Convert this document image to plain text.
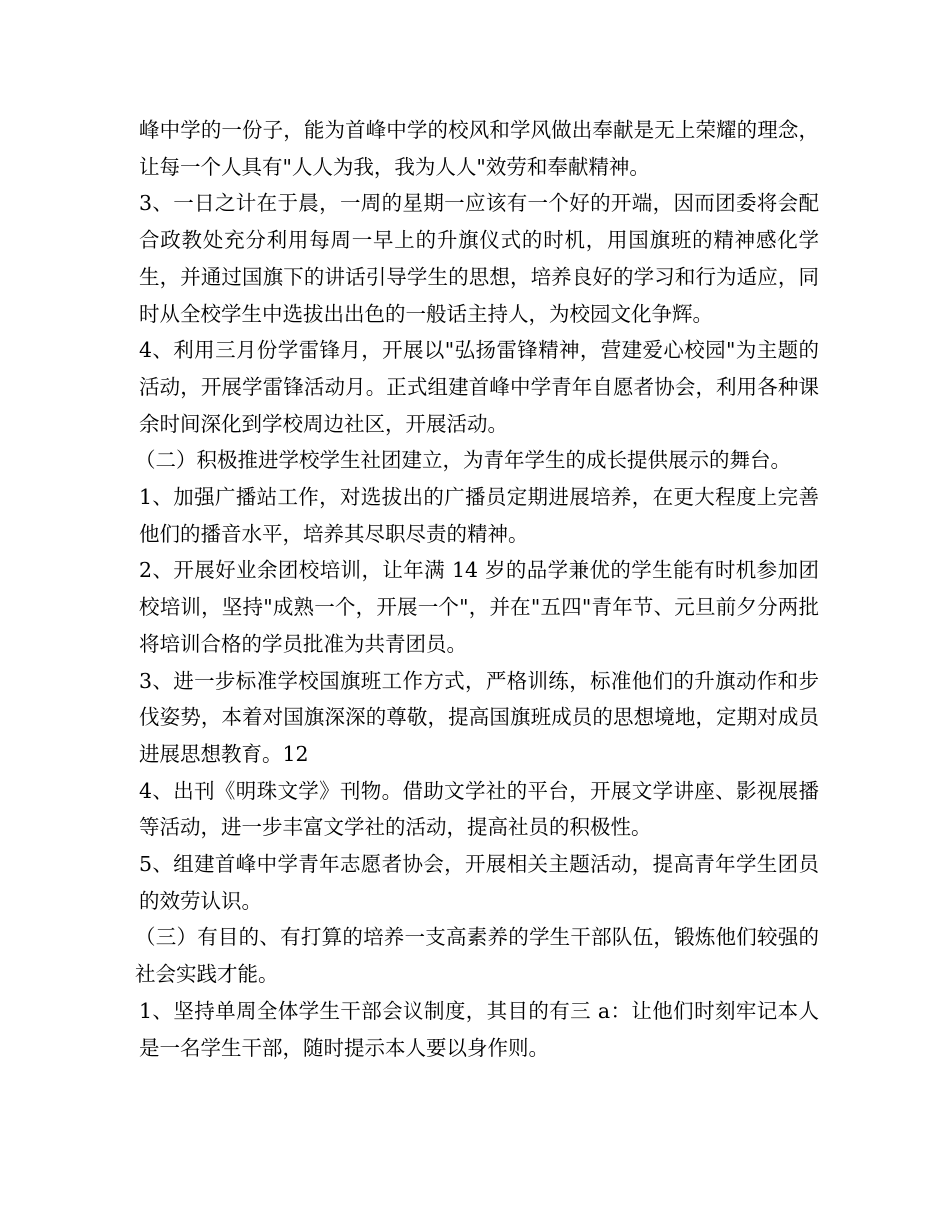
峰中学的一份子，能为首峰中学的校风和学风做出奉献是无上荣耀的理念，让每一个人具有"人人为我，我为人人"效劳和奉献精神。

3、一日之计在于晨，一周的星期一应该有一个好的开端，因而团委将会配合政教处充分利用每周一早上的升旗仪式的时机，用国旗班的精神感化学生，并通过国旗下的讲话引导学生的思想，培养良好的学习和行为适应，同时从全校学生中选拔出出色的一般话主持人，为校园文化争辉。

4、利用三月份学雷锋月，开展以"弘扬雷锋精神，营建爱心校园"为主题的活动，开展学雷锋活动月。正式组建首峰中学青年自愿者协会，利用各种课余时间深化到学校周边社区，开展活动。

（二）积极推进学校学生社团建立，为青年学生的成长提供展示的舞台。

1、加强广播站工作，对选拔出的广播员定期进展培养，在更大程度上完善他们的播音水平，培养其尽职尽责的精神。

2、开展好业余团校培训，让年满 14 岁的品学兼优的学生能有时机参加团校培训，坚持"成熟一个，开展一个"，并在"五四"青年节、元旦前夕分两批将培训合格的学员批准为共青团员。

3、进一步标准学校国旗班工作方式，严格训练，标准他们的升旗动作和步伐姿势，本着对国旗深深的尊敬，提高国旗班成员的思想境地，定期对成员进展思想教育。12

4、出刊《明珠文学》刊物。借助文学社的平台，开展文学讲座、影视展播等活动，进一步丰富文学社的活动，提高社员的积极性。

5、组建首峰中学青年志愿者协会，开展相关主题活动，提高青年学生团员的效劳认识。

（三）有目的、有打算的培养一支高素养的学生干部队伍，锻炼他们较强的社会实践才能。

1、坚持单周全体学生干部会议制度，其目的有三 a：让他们时刻牢记本人是一名学生干部，随时提示本人要以身作则。
